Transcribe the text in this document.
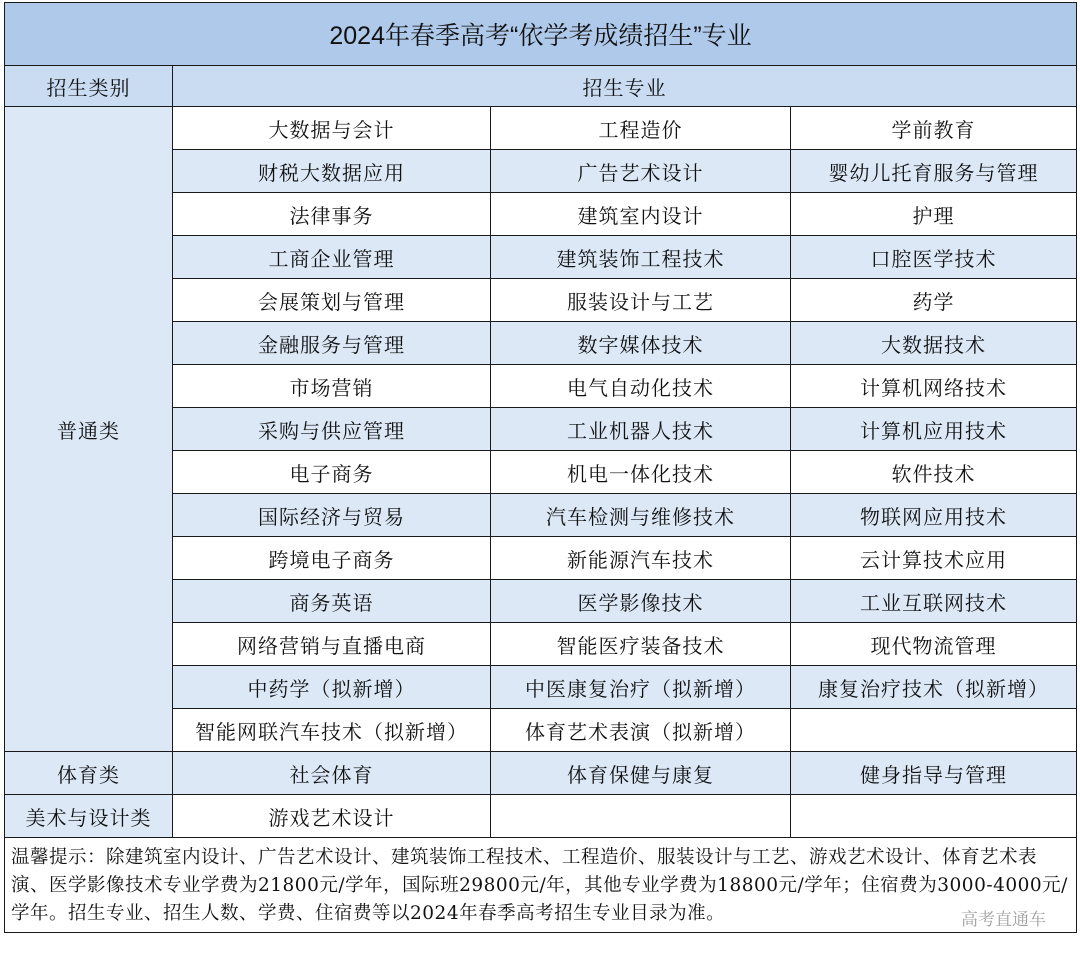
2024年春季高考“依学考成绩招生”专业			
招生类别	招生专业		
普通类	大数据与会计	工程造价	学前教育
	财税大数据应用	广告艺术设计	婴幼儿托育服务与管理
	法律事务	建筑室内设计	护理
	工商企业管理	建筑装饰工程技术	口腔医学技术
	会展策划与管理	服装设计与工艺	药学
	金融服务与管理	数字媒体技术	大数据技术
	市场营销	电气自动化技术	计算机网络技术
	采购与供应管理	工业机器人技术	计算机应用技术
	电子商务	机电一体化技术	软件技术
	国际经济与贸易	汽车检测与维修技术	物联网应用技术
	跨境电子商务	新能源汽车技术	云计算技术应用
	商务英语	医学影像技术	工业互联网技术
	网络营销与直播电商	智能医疗装备技术	现代物流管理
	中药学（拟新增）	中医康复治疗（拟新增）	康复治疗技术（拟新增）
	智能网联汽车技术（拟新增）	体育艺术表演（拟新增）	
体育类	社会体育	体育保健与康复	健身指导与管理
美术与设计类	游戏艺术设计		
温馨提示：除建筑室内设计、广告艺术设计、建筑装饰工程技术、工程造价、服装设计与工艺、游戏艺术设计、体育艺术表演、医学影像技术专业学费为21800元/学年，国际班29800元/年，其他专业学费为18800元/学年；住宿费为3000-4000元/学年。招生专业、招生人数、学费、住宿费等以2024年春季高考招生专业目录为准。				高考直通车
